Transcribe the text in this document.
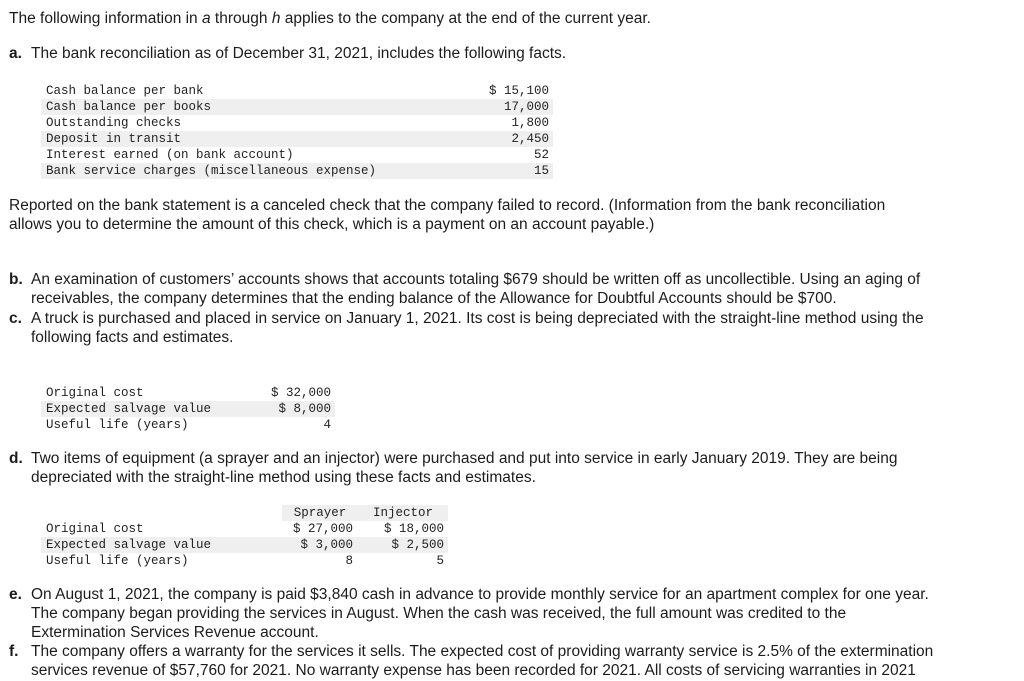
The following information in a through h applies to the company at the end of the current year.
a. The bank reconciliation as of December 31, 2021, includes the following facts.
Cash balance per bank	$ 15,100
Cash balance per books	17,000
Outstanding checks	1,800
Deposit in transit	2,450
Interest earned (on bank account)	52
Bank service charges (miscellaneous expense)	15
Reported on the bank statement is a canceled check that the company failed to record. (Information from the bank reconciliation
allows you to determine the amount of this check, which is a payment on an account payable.)
b. An examination of customers’ accounts shows that accounts totaling $679 should be written off as uncollectible. Using an aging of
receivables, the company determines that the ending balance of the Allowance for Doubtful Accounts should be $700.
c. A truck is purchased and placed in service on January 1, 2021. Its cost is being depreciated with the straight-line method using the
following facts and estimates.
Original cost	$ 32,000
Expected salvage value	$ 8,000
Useful life (years)	4
d. Two items of equipment (a sprayer and an injector) were purchased and put into service in early January 2019. They are being
depreciated with the straight-line method using these facts and estimates.
	Sprayer	Injector
Original cost	$ 27,000	$ 18,000
Expected salvage value	$ 3,000	$ 2,500
Useful life (years)	8	5
e. On August 1, 2021, the company is paid $3,840 cash in advance to provide monthly service for an apartment complex for one year.
The company began providing the services in August. When the cash was received, the full amount was credited to the
Extermination Services Revenue account.
f. The company offers a warranty for the services it sells. The expected cost of providing warranty service is 2.5% of the extermination
services revenue of $57,760 for 2021. No warranty expense has been recorded for 2021. All costs of servicing warranties in 2021
